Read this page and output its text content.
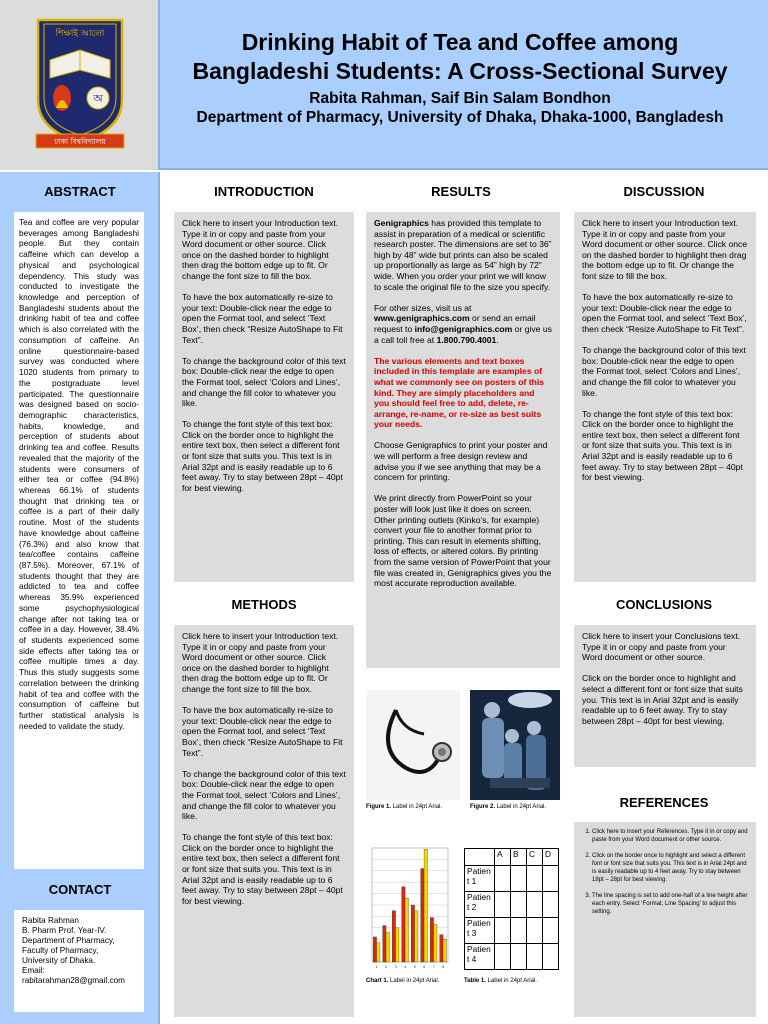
শিক্ষাই আলো
অ
ঢাকা বিশ্ববিদ্যালয়
Drinking Habit of Tea and Coffee among
Bangladeshi Students: A Cross-Sectional Survey
Rabita Rahman, Saif Bin Salam Bondhon
Department of Pharmacy, University of Dhaka, Dhaka-1000, Bangladesh
ABSTRACT

Tea and coffee are very popular beverages among Bangladeshi people. But they contain caffeine which can develop a physical and psychological dependency. This study was conducted to investigate the knowledge and perception of Bangladeshi students about the drinking habit of tea and coffee which is also correlated with the consumption of caffeine. An online questionnaire-based survey was conducted where 1020 students from primary to the postgraduate level participated. The questionnaire was designed based on socio-demographic characteristics, habits, knowledge, and perception of students about drinking tea and coffee. Results revealed that the majority of the students were consumers of either tea or coffee (94.8%) whereas 66.1% of students thought that drinking tea or coffee is a part of their daily routine. Most of the students have knowledge about caffeine (76.3%) and also know that tea/coffee contains caffeine (87.5%). Moreover, 67.1% of students thought that they are addicted to tea and coffee whereas 35.9% experienced some psychophysiological change after not taking tea or coffee in a day. However, 38.4% of students experienced some side effects after taking tea or coffee multiple times a day. Thus this study suggests some correlation between the drinking habit of tea and coffee with the consumption of caffeine but further statistical analysis is needed to validate the study.

CONTACT
Rabita Rahman
B. Pharm Prof. Year-IV.
Department of Pharmacy,
Faculty of Pharmacy,
University of Dhaka.
Email:
rabitarahman28@gmail.com
INTRODUCTION

Click here to insert your Introduction text. Type it in or copy and paste from your Word document or other source. Click once on the dashed border to highlight then drag the bottom edge up to fit. Or change the font size to fill the box.

To have the box automatically re-size to your text: Double-click near the edge to open the Format tool, and select ‘Text Box’, then check “Resize AutoShape to Fit Text”.

To change the background color of this text box: Double-click near the edge to open the Format tool, select ‘Colors and Lines’, and change the fill color to whatever you like.

To change the font style of this text box: Click on the border once to highlight the entire text box, then select a different font or font size that suits you. This text is in Arial 32pt and is easily readable up to 6 feet away. Try to stay between 28pt – 40pt for best viewing.

METHODS

Click here to insert your Introduction text. Type it in or copy and paste from your Word document or other source. Click once on the dashed border to highlight then drag the bottom edge up to fit. Or change the font size to fill the box.

To have the box automatically re-size to your text: Double-click near the edge to open the Format tool, and select ‘Text Box’, then check “Resize AutoShape to Fit Text”.

To change the background color of this text box: Double-click near the edge to open the Format tool, select ‘Colors and Lines’, and change the fill color to whatever you like.

To change the font style of this text box: Click on the border once to highlight the entire text box, then select a different font or font size that suits you. This text is in Arial 32pt and is easily readable up to 6 feet away. Try to stay between 28pt – 40pt for best viewing.

RESULTS

Genigraphics has provided this template to assist in preparation of a medical or scientific research poster. The dimensions are set to 36” high by 48” wide but prints can also be scaled up proportionally as large as 54” high by 72” wide. When you order your print we will know to scale the original file to the size you specify.

For other sizes, visit us at www.genigraphics.com or send an email request to info@genigraphics.com or give us a call toll free at 1.800.790.4001.

The various elements and text boxes included in this template are examples of what we commonly see on posters of this kind. They are simply placeholders and you should feel free to add, delete, re-arrange, re-name, or re-size as best suits your needs.

Choose Genigraphics to print your poster and we will perform a free design review and advise you if we see anything that may be a concern for printing.

We print directly from PowerPoint so your poster will look just like it does on screen. Other printing outlets (Kinko’s, for example) convert your file to another format prior to printing. This can result in elements shifting, loss of effects, or altered colors. By printing from the same version of PowerPoint that your file was created in, Genigraphics gives you the most accurate reproduction available.

Figure 1. Label in 24pt Arial.	Figure 2. Label in 24pt Arial.
1 2 3 4 5 6 7 8
Chart 1. Label in 24pt Arial.
	A	B	C	D
Patien t 1				
Patien t 2				
Patien t 3				
Patien t 4				
Table 1. Label in 24pt Arial.
DISCUSSION

Click here to insert your Introduction text. Type it in or copy and paste from your Word document or other source. Click once on the dashed border to highlight then drag the bottom edge up to fit. Or change the font size to fill the box.

To have the box automatically re-size to your text: Double-click near the edge to open the Format tool, and select ‘Text Box’, then check “Resize AutoShape to Fit Text”.

To change the background color of this text box: Double-click near the edge to open the Format tool, select ‘Colors and Lines’, and change the fill color to whatever you like.

To change the font style of this text box: Click on the border once to highlight the entire text box, then select a different font or font size that suits you. This text is in Arial 32pt and is easily readable up to 6 feet away. Try to stay between 28pt – 40pt for best viewing.

CONCLUSIONS

Click here to insert your Conclusions text. Type it in or copy and paste from your Word document or other source.

Click on the border once to highlight and select a different font or font size that suits you. This text is in Arial 32pt and is easily readable up to 6 feet away. Try to stay between 28pt – 40pt for best viewing.

REFERENCES
1. Click here to insert your References. Type it in or copy and paste from your Word document or other source.
2. Click on the border once to highlight and select a different font or font size that suits you. This text is in Arial 24pt and is easily readable up to 4 feet away. Try to stay between 18pt – 28pt for best viewing.
3. The line spacing is set to add one-half of a line height after each entry. Select ‘Format, Line Spacing’ to adjust this setting.
